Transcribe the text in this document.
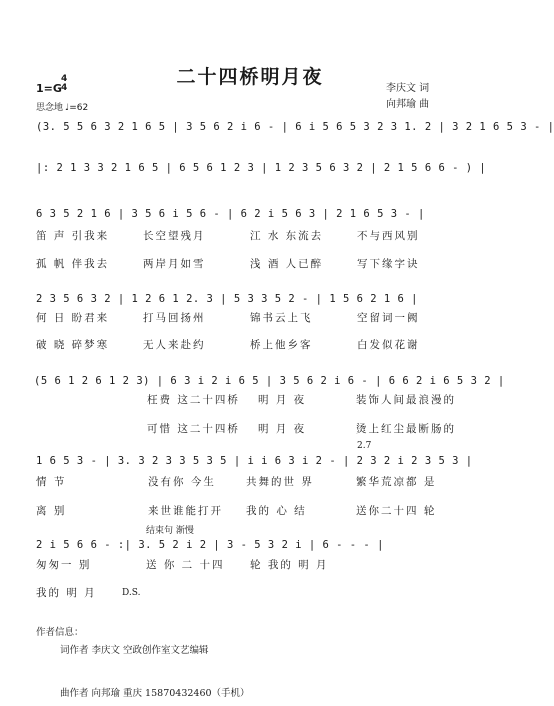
二十四桥明月夜
李庆文 词
向邦瑜 曲
1=G
4
4
思念地 ♩=62
(3. 5 5 6 3 2 1 6 5 | 3 5 6 2 i 6 - | 6 i 5 6 5 3 2 3 1. 2 | 3 2 1 6 5 3 - |
|: 2 1 3 3 2 1 6 5 | 6 5 6 1 2 3 | 1 2 3 5 6 3 2 | 2 1 5 6 6 - ) |
6 3 5 2 1 6 | 3 5 6 i 5 6 - | 6 2 i 5 6 3 | 2 1 6 5 3 - |
笛 声 引我来	长空望残月	江 水 东流去	不与西风别
孤 帆 伴我去	两岸月如雪	浅 酒 人已醉	写下缘字诀
2 3 5 6 3 2 | 1 2 6 1 2. 3 | 5 3 3 5 2 - | 1 5 6 2 1 6 |
何 日 盼君来	打马回扬州	锦书云上飞	空留词一阙
破 晓 碎梦寒	无人来赴约	桥上他乡客	白发似花谢
(5 6 1 2 6 1 2 3) | 6 3 i 2 i 6 5 | 3 5 6 2 i 6 - | 6 6 2 i 6 5 3 2 |
枉费 这二十四桥 明 月 夜	装饰人间最浪漫的
可惜 这二十四桥 明 月 夜	烫上红尘最断肠的
2.7
1 6 5 3 - | 3. 3 2 3 3 5 3 5 | i i 6 3 i 2 - | 2 3 2 i 2 3 5 3 |
情 节	没有你 今生	共舞的世 界	繁华荒凉都 是
离 别	来世谁能打开 我的 心 结	送你二十四 轮
结束句 渐慢
2 i 5 6 6 - :| 3. 5 2 i 2 | 3 - 5 3 2 i | 6 - - - |
匆匆一 别	送 你 二 十四 轮 我的 明 月
我的 明 月	D.S.
作者信息：
词作者 李庆文 空政创作室文艺编辑
曲作者 向邦瑜 重庆 15870432460（手机）
